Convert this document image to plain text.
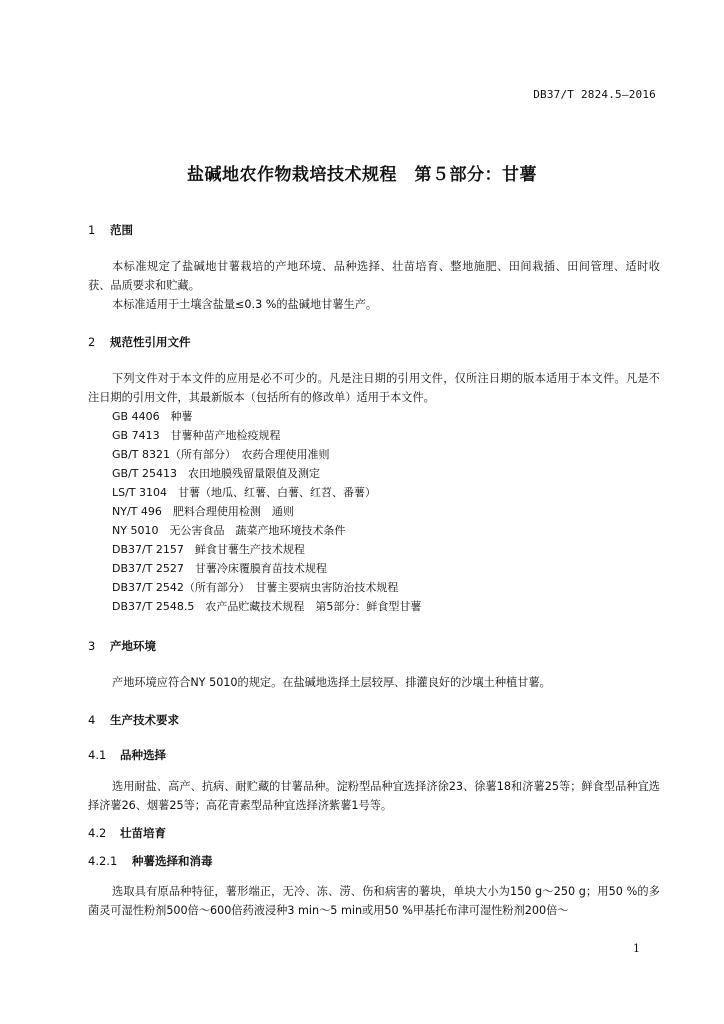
DB37/T 2824.5—2016
盐碱地农作物栽培技术规程　第５部分：甘薯
1 范围
本标准规定了盐碱地甘薯栽培的产地环境、品种选择、壮苗培育、整地施肥、田间栽插、田间管理、适时收获、品质要求和贮藏。
本标准适用于土壤含盐量≤0.3 %的盐碱地甘薯生产。
2 规范性引用文件
下列文件对于本文件的应用是必不可少的。凡是注日期的引用文件，仅所注日期的版本适用于本文件。凡是不注日期的引用文件，其最新版本（包括所有的修改单）适用于本文件。
GB 4406　种薯
GB 7413　甘薯种苗产地检疫规程
GB/T 8321（所有部分）　农药合理使用准则
GB/T 25413　农田地膜残留量限值及测定
LS/T 3104　甘薯（地瓜、红薯、白薯、红苕、番薯）
NY/T 496　肥料合理使用检测　通则
NY 5010　无公害食品　蔬菜产地环境技术条件
DB37/T 2157　鲜食甘薯生产技术规程
DB37/T 2527　甘薯冷床覆膜育苗技术规程
DB37/T 2542（所有部分）　甘薯主要病虫害防治技术规程
DB37/T 2548.5　农产品贮藏技术规程　第5部分：鲜食型甘薯
3 产地环境
产地环境应符合NY 5010的规定。在盐碱地选择土层较厚、排灌良好的沙壤土种植甘薯。
4 生产技术要求
4.1 品种选择
选用耐盐、高产、抗病、耐贮藏的甘薯品种。淀粉型品种宜选择济徐23、徐薯18和济薯25等；鲜食型品种宜选择济薯26、烟薯25等；高花青素型品种宜选择济紫薯1号等。
4.2 壮苗培育
4.2.1 种薯选择和消毒
选取具有原品种特征，薯形端正，无冷、冻、涝、伤和病害的薯块，单块大小为150 g～250 g；用50 %的多菌灵可湿性粉剂500倍～600倍药液浸种3 min～5 min或用50 %甲基托布津可湿性粉剂200倍～
1
